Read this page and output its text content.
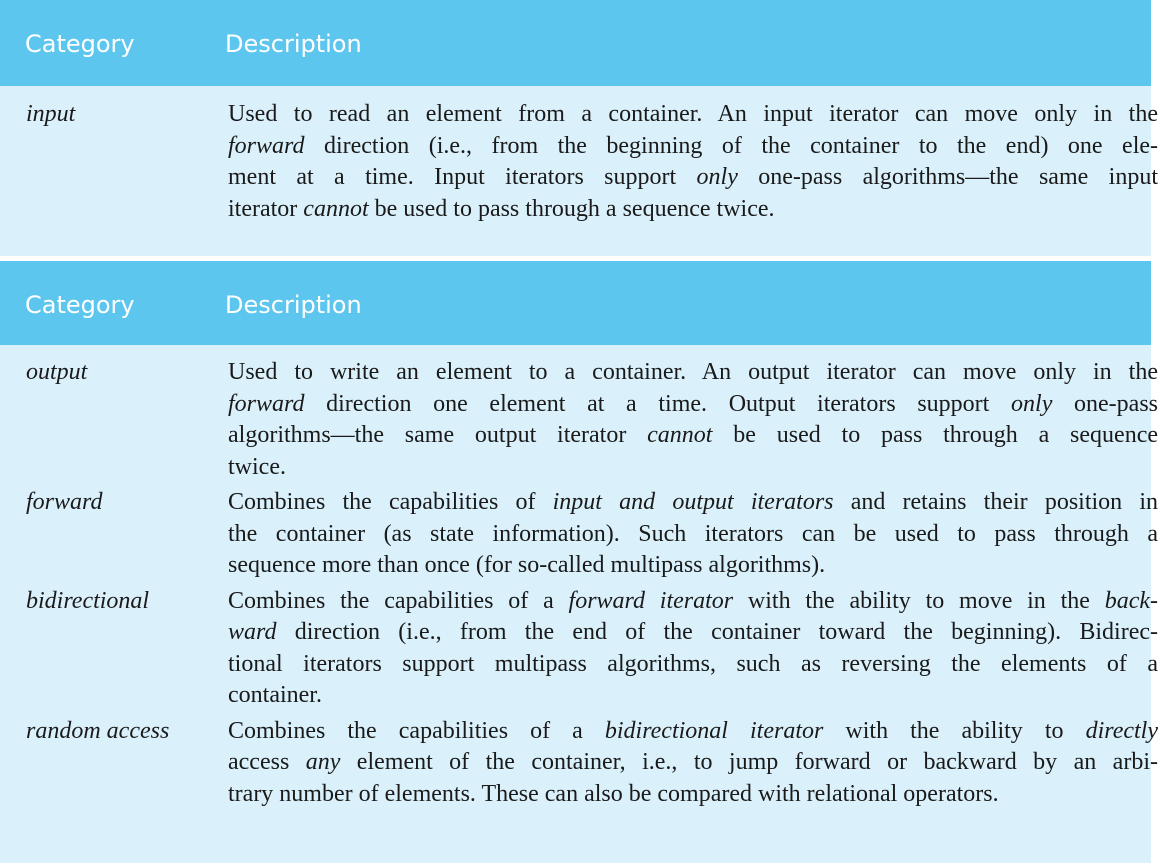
Category	Description
input	Used to read an element from a container. An input iterator can move only in the
forward direction (i.e., from the beginning of the container to the end) one ele-
ment at a time. Input iterators support only one-pass algorithms—the same input
iterator cannot be used to pass through a sequence twice.
Category	Description
output	Used to write an element to a container. An output iterator can move only in the
forward direction one element at a time. Output iterators support only one-pass
algorithms—the same output iterator cannot be used to pass through a sequence
twice.
forward	Combines the capabilities of input and output iterators and retains their position in
the container (as state information). Such iterators can be used to pass through a
sequence more than once (for so-called multipass algorithms).
bidirectional	Combines the capabilities of a forward iterator with the ability to move in the back-
ward direction (i.e., from the end of the container toward the beginning). Bidirec-
tional iterators support multipass algorithms, such as reversing the elements of a
container.
random access	Combines the capabilities of a bidirectional iterator with the ability to directly
access any element of the container, i.e., to jump forward or backward by an arbi-
trary number of elements. These can also be compared with relational operators.
